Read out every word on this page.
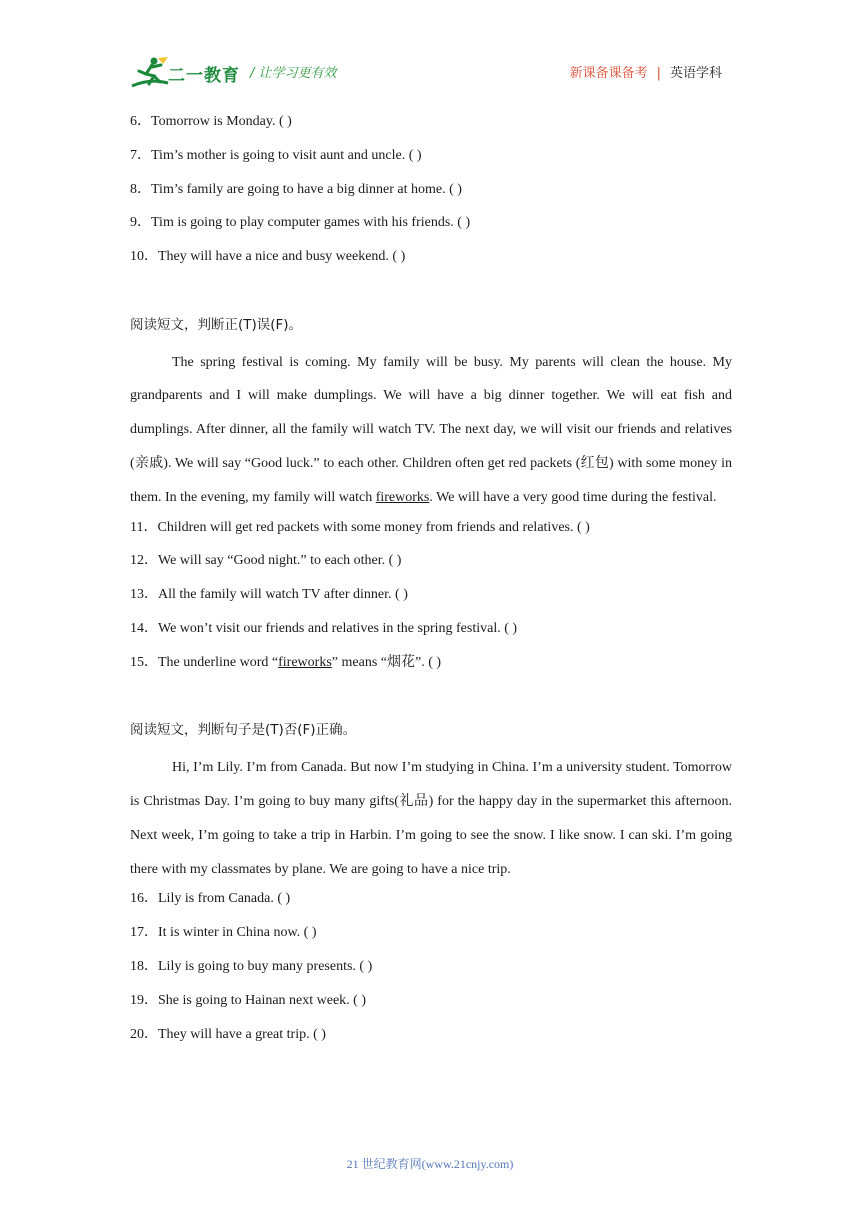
二一教育 / 让学习更有效	新课备课备考 | 英语学科
6．Tomorrow is Monday. ( )
7．Tim’s mother is going to visit aunt and uncle. ( )
8．Tim’s family are going to have a big dinner at home. ( )
9．Tim is going to play computer games with his friends. ( )
10．They will have a nice and busy weekend. ( )
阅读短文，判断正(T)误(F)。
The spring festival is coming. My family will be busy. My parents will clean the house. My grandparents and I will make dumplings. We will have a big dinner together. We will eat fish and dumplings. After dinner, all the family will watch TV. The next day, we will visit our friends and relatives (亲戚). We will say “Good luck.” to each other. Children often get red packets (红包) with some money in them. In the evening, my family will watch fireworks. We will have a very good time during the festival.
11．Children will get red packets with some money from friends and relatives. ( )
12．We will say “Good night.” to each other. ( )
13．All the family will watch TV after dinner. ( )
14．We won’t visit our friends and relatives in the spring festival. ( )
15．The underline word “fireworks” means “烟花”. ( )
阅读短文，判断句子是(T)否(F)正确。
Hi, I’m Lily. I’m from Canada. But now I’m studying in China. I’m a university student. Tomorrow is Christmas Day. I’m going to buy many gifts(礼品) for the happy day in the supermarket this afternoon. Next week, I’m going to take a trip in Harbin. I’m going to see the snow. I like snow. I can ski. I’m going there with my classmates by plane. We are going to have a nice trip.
16．Lily is from Canada. ( )
17．It is winter in China now. ( )
18．Lily is going to buy many presents. ( )
19．She is going to Hainan next week. ( )
20．They will have a great trip. ( )
21 世纪教育网(www.21cnjy.com)
